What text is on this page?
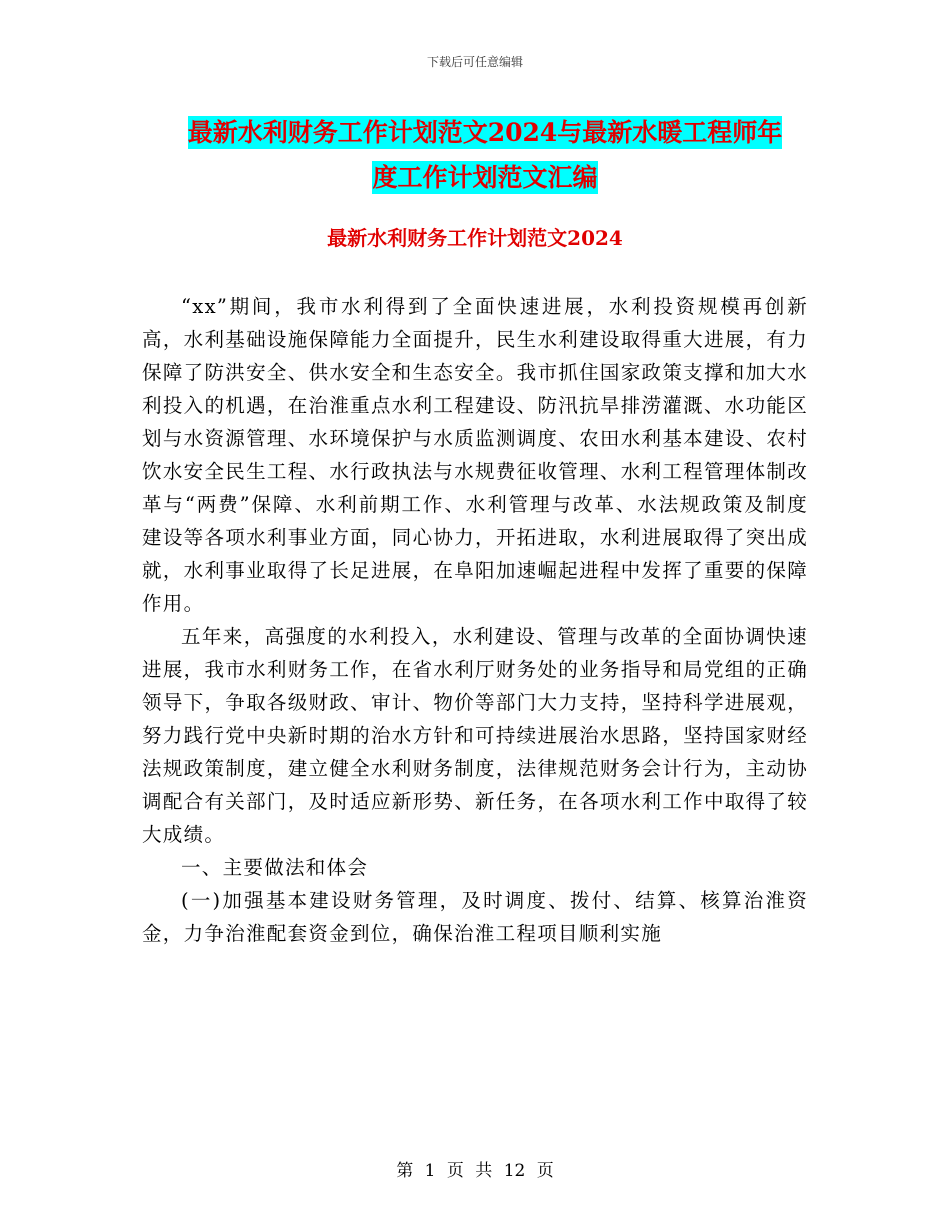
下载后可任意编辑
最新水利财务工作计划范文2024与最新水暖工程师年
度工作计划范文汇编
最新水利财务工作计划范文2024

“xx”期间，我市水利得到了全面快速进展，水利投资规模再创新高，水利基础设施保障能力全面提升，民生水利建设取得重大进展，有力保障了防洪安全、供水安全和生态安全。我市抓住国家政策支撑和加大水利投入的机遇，在治淮重点水利工程建设、防汛抗旱排涝灌溉、水功能区划与水资源管理、水环境保护与水质监测调度、农田水利基本建设、农村饮水安全民生工程、水行政执法与水规费征收管理、水利工程管理体制改革与“两费”保障、水利前期工作、水利管理与改革、水法规政策及制度建设等各项水利事业方面，同心协力，开拓进取，水利进展取得了突出成就，水利事业取得了长足进展，在阜阳加速崛起进程中发挥了重要的保障作用。

五年来，高强度的水利投入，水利建设、管理与改革的全面协调快速进展，我市水利财务工作，在省水利厅财务处的业务指导和局党组的正确领导下，争取各级财政、审计、物价等部门大力支持，坚持科学进展观，努力践行党中央新时期的治水方针和可持续进展治水思路，坚持国家财经法规政策制度，建立健全水利财务制度，法律规范财务会计行为，主动协调配合有关部门，及时适应新形势、新任务，在各项水利工作中取得了较大成绩。

一、主要做法和体会

(一)加强基本建设财务管理，及时调度、拨付、结算、核算治淮资金，力争治淮配套资金到位，确保治淮工程项目顺利实施

第 1 页 共 12 页
